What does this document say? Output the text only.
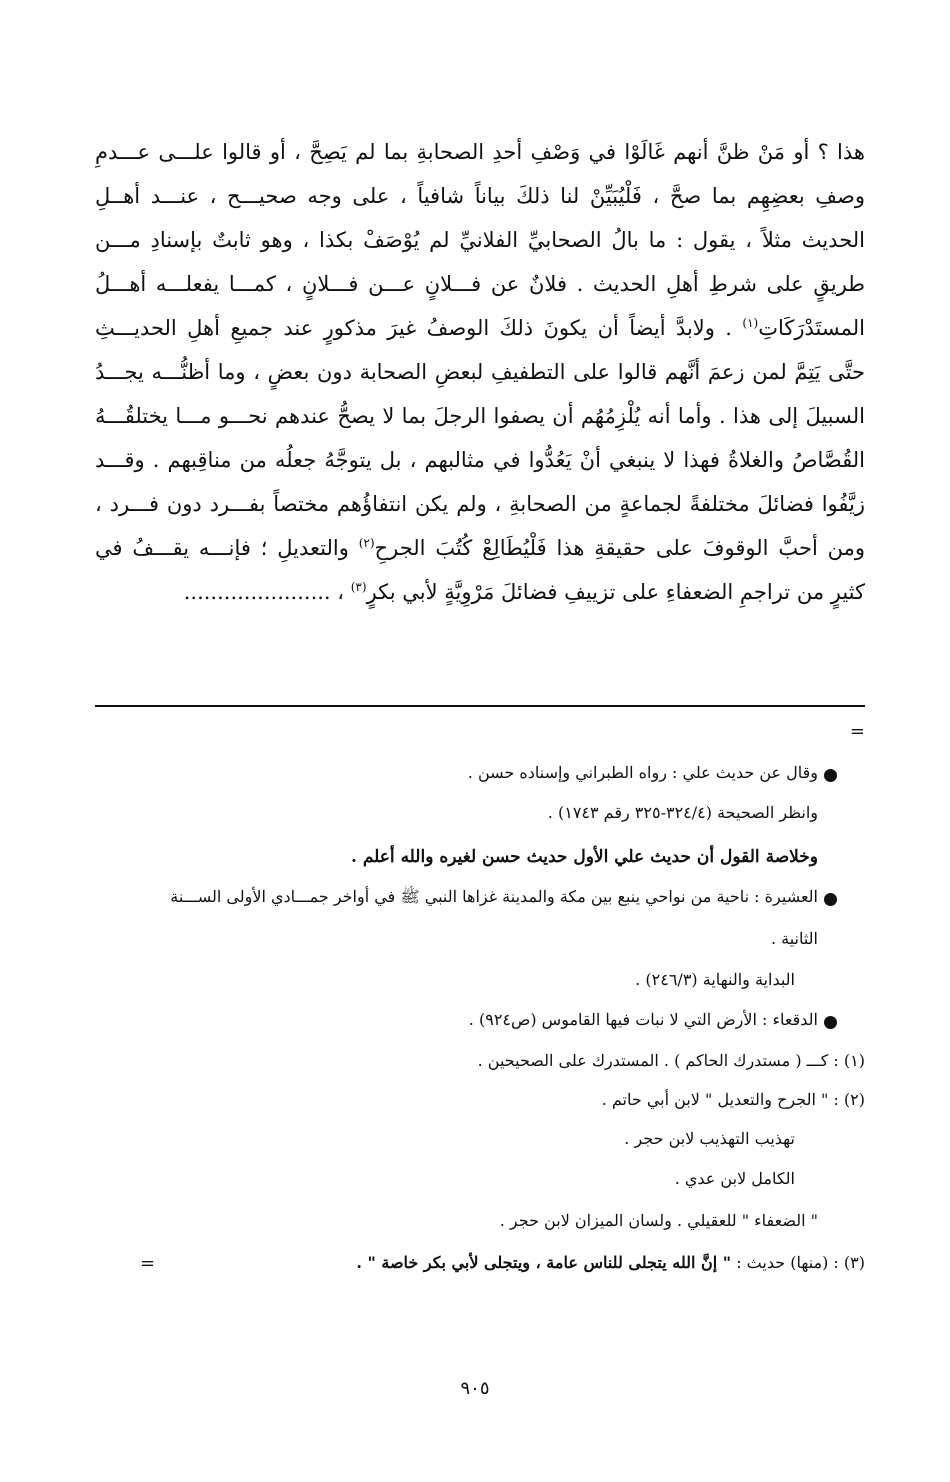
هذا ؟ أو مَنْ ظنَّ أنهم غَالَوْا في وَصْفِ أحدِ الصحابةِ بما لم يَصِحَّ ، أو قالوا علـــى عـــدمِ
وصفِ بعضِهِم بما صحَّ ، فَلْيُبَيِّنْ لنا ذلكَ بياناً شافياً ، على وجه صحيـــح ، عنـــد أهــلِ
الحديث مثلاً ، يقول : ما بالُ الصحابيِّ الفلانيِّ لم يُوْصَفْ بكذا ، وهو ثابتٌ بإسنادِ مـــن
طريقٍ على شرطِ أهلِ الحديث . فلانٌ عن فـــلانٍ عـــن فـــلانٍ ، كمـــا يفعلـــه أهـــلُ
المستَدْرَكَاتِ$^{(١)}$ . ولابدَّ أيضاً أن يكونَ ذلكَ الوصفُ غيرَ مذكورٍ عند جميعِ أهلِ الحديـــثِ
حتَّى يَتِمَّ لمن زعمَ أنَّهم قالوا على التطفيفِ لبعضِ الصحابة دون بعضٍ ، وما أظنُّـــه يجـــدُ
السبيلَ إلى هذا . وأما أنه يُلْزِمُهُم أن يصفوا الرجلَ بما لا يصحُّ عندهم نحـــو مـــا يختلقُـــهُ
القُصَّاصُ والغلاةُ فهذا لا ينبغي أنْ يَعُدُّوا في مثالبهم ، بل يتوجَّهُ جعلُه من مناقِبهم . وقـــد
زيَّفُوا فضائلَ مختلفةً لجماعةٍ من الصحابةِ ، ولم يكن انتفاؤُهم مختصاً بفـــرد دون فـــرد ،
ومن أحبَّ الوقوفَ على حقيقةِ هذا فَلْيُطَالِعْ كُتُبَ الجرحِ$^{(٢)}$ والتعديلِ ؛ فإنـــه يقـــفُ في
كثيرٍ من تراجمِ الضعفاءِ على تزييفِ فضائلَ مَرْوِيَّةٍ لأبي بكرٍ$^{(٣)}$ ، ......................
=
وقال عن حديث علي : رواه الطبراني وإسناده حسن .
وانظر الصحيحة (٣٢٤/٤-٣٢٥ رقم ١٧٤٣) .
وخلاصة القول أن حديث علي الأول حديث حسن لغيره والله أعلم .
العشيرة : ناحية من نواحي ينبع بين مكة والمدينة غزاها النبي ﷺ في أواخر جمـــادي الأولى الســـنة
الثانية .
البداية والنهاية (٢٤٦/٣) .
الدقعاء : الأرض التي لا نبات فيها القاموس (ص٩٢٤) .
(١) : كـــ ( مستدرك الحاكم ) . المستدرك على الصحيحين .
(٢) : " الجرح والتعديل " لابن أبي حاتم .
تهذيب التهذيب لابن حجر .
الكامل لابن عدي .
" الضعفاء " للعقيلي . ولسان الميزان لابن حجر .
(٣) : (منها) حديث : " إنَّ الله يتجلى للناس عامة ، ويتجلى لأبي بكر خاصة " .
=
٩٠٥
